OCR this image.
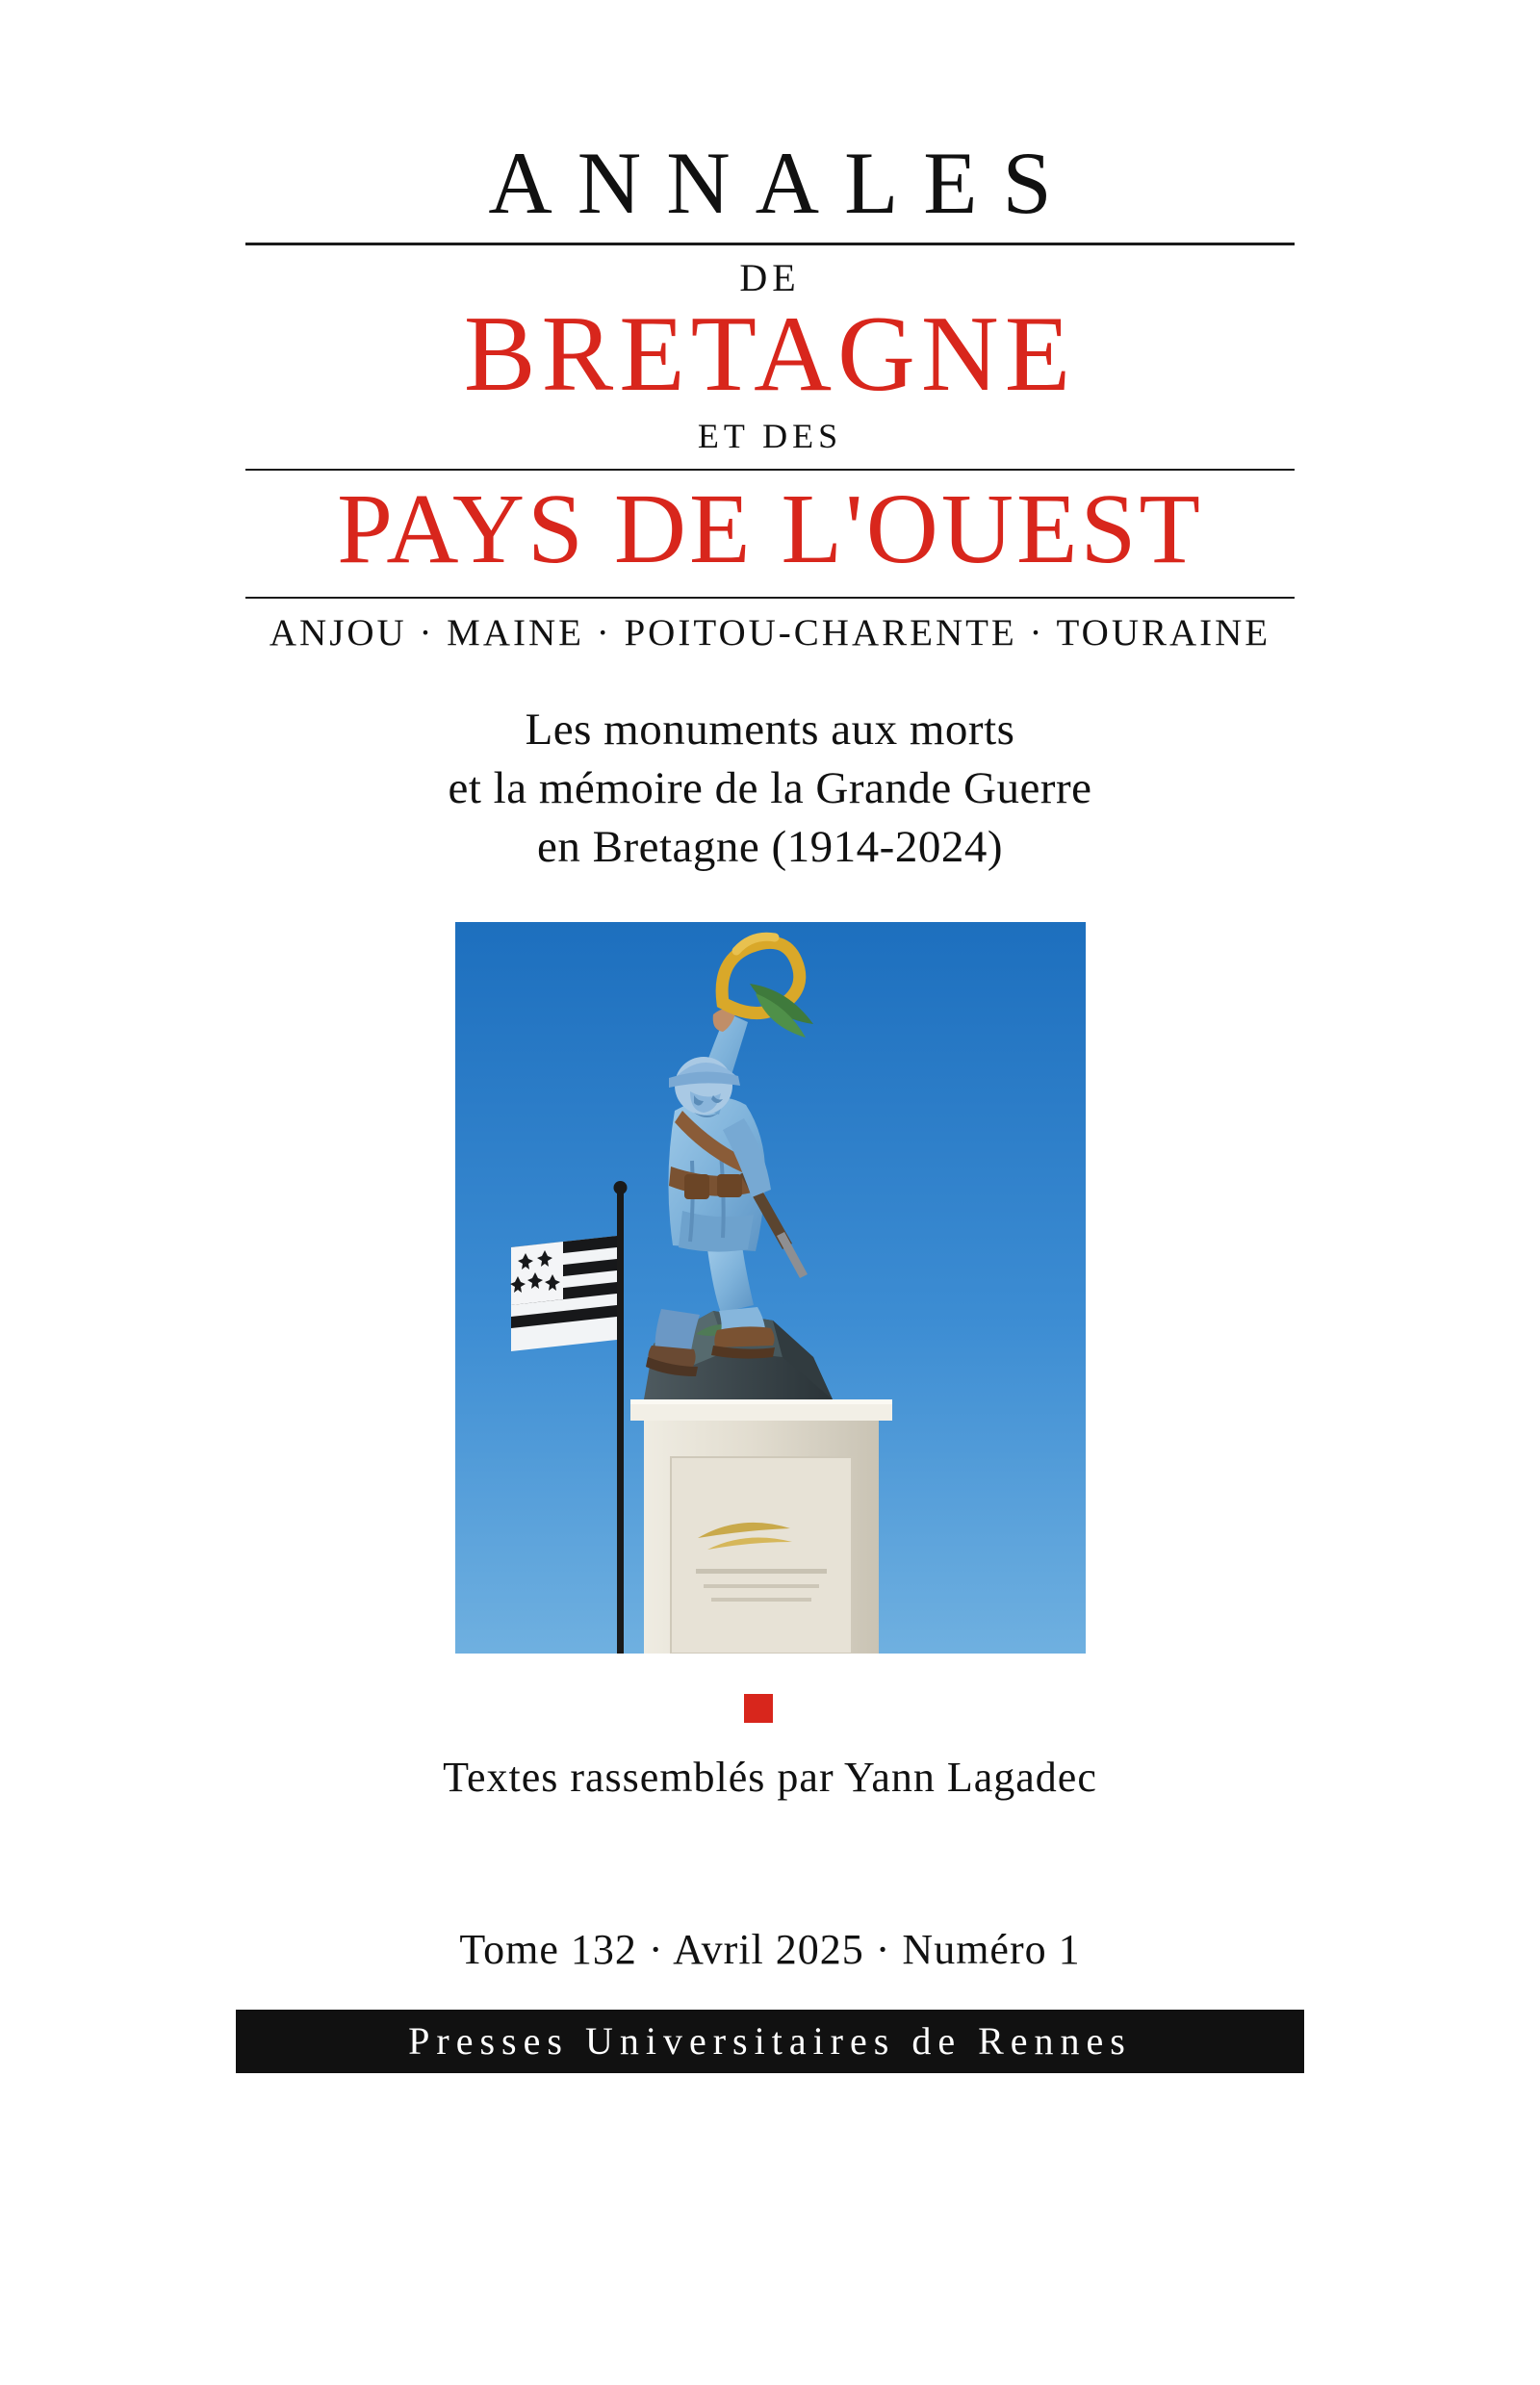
ANNALES
DE
BRETAGNE
ET DES
PAYS DE L'OUEST
ANJOU · MAINE · POITOU-CHARENTE · TOURAINE
Les monuments aux morts
et la mémoire de la Grande Guerre
en Bretagne (1914-2024)
Textes rassemblés par Yann Lagadec
Tome 132 · Avril 2025 · Numéro 1
Presses Universitaires de Rennes
